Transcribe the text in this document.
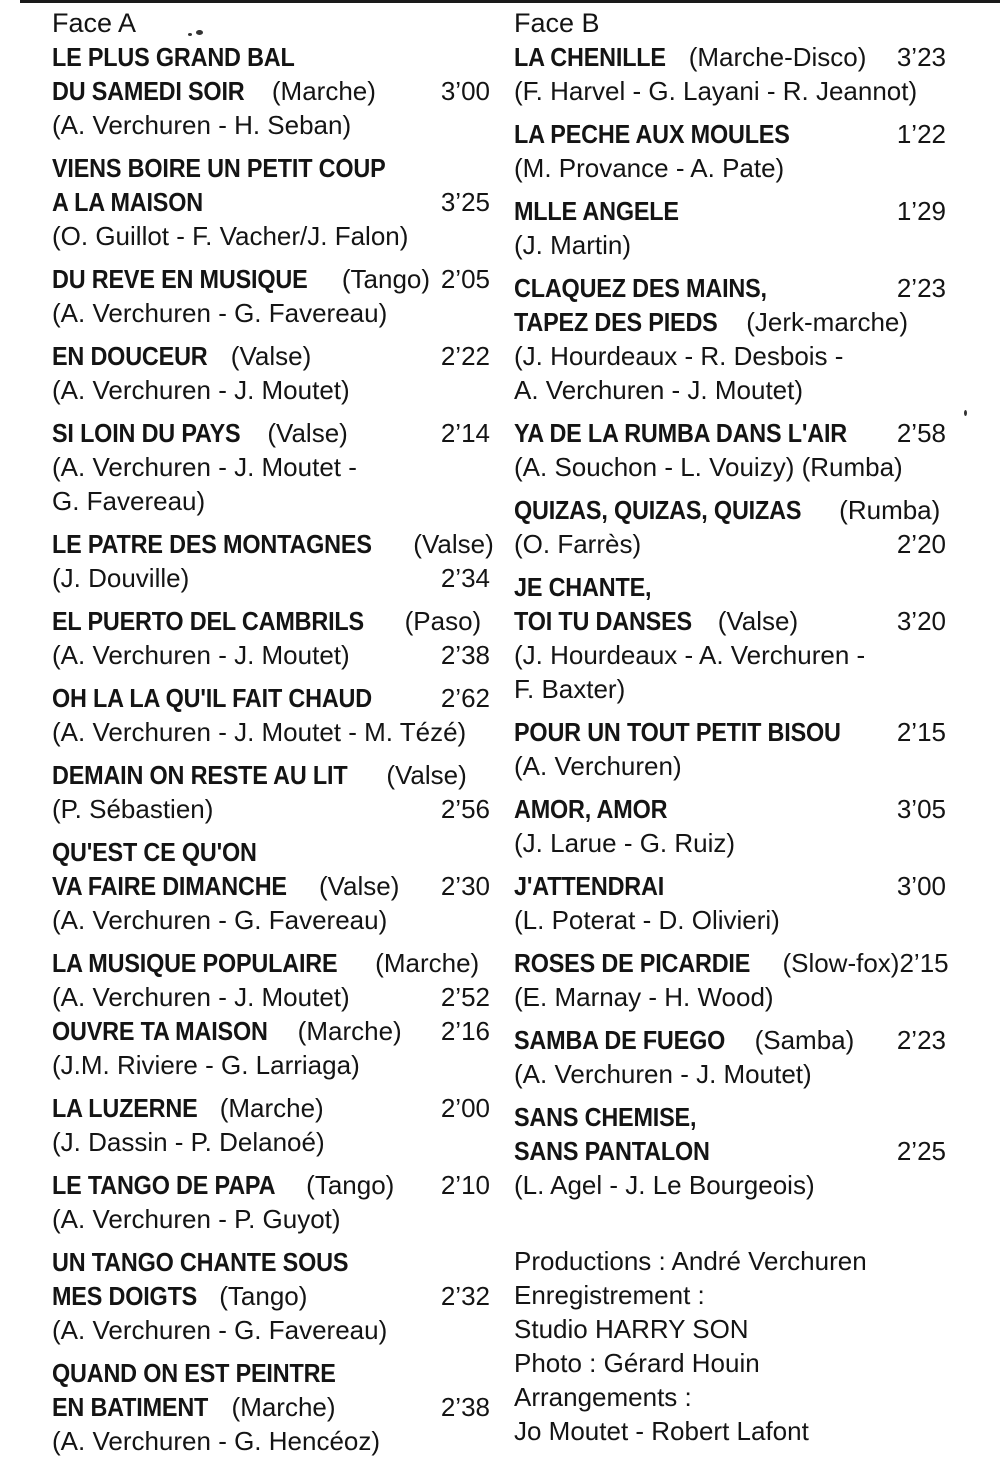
Face A
LE PLUS GRAND BAL
DU SAMEDI SOIR (Marche) 3’00
(A. Verchuren - H. Seban)
VIENS BOIRE UN PETIT COUP
A LA MAISON	3’25
(O. Guillot - F. Vacher/J. Falon)
DU REVE EN MUSIQUE (Tango) 2’05
(A. Verchuren - G. Favereau)
EN DOUCEUR (Valse)	2’22
(A. Verchuren - J. Moutet)
SI LOIN DU PAYS (Valse)	2’14
(A. Verchuren - J. Moutet -
G. Favereau)
LE PATRE DES MONTAGNES (Valse)
(J. Douville)	2’34
EL PUERTO DEL CAMBRILS (Paso)
(A. Verchuren - J. Moutet)	2’38
OH LA LA QU'IL FAIT CHAUD	2’62
(A. Verchuren - J. Moutet - M. Tézé)
DEMAIN ON RESTE AU LIT (Valse)
(P. Sébastien)	2’56
QU'EST CE QU'ON
VA FAIRE DIMANCHE (Valse) 2’30
(A. Verchuren - G. Favereau)
LA MUSIQUE POPULAIRE (Marche)
(A. Verchuren - J. Moutet)	2’52
OUVRE TA MAISON (Marche) 2’16
(J.M. Riviere - G. Larriaga)
LA LUZERNE (Marche)	2’00
(J. Dassin - P. Delanoé)
LE TANGO DE PAPA (Tango) 2’10
(A. Verchuren - P. Guyot)
UN TANGO CHANTE SOUS
MES DOIGTS (Tango)	2’32
(A. Verchuren - G. Favereau)
QUAND ON EST PEINTRE
EN BATIMENT (Marche)	2’38
(A. Verchuren - G. Hencéoz)
Face B
LA CHENILLE (Marche-Disco) 3’23
(F. Harvel - G. Layani - R. Jeannot)
LA PECHE AUX MOULES	1’22
(M. Provance - A. Pate)
MLLE ANGELE	1’29
(J. Martin)
CLAQUEZ DES MAINS,	2’23
TAPEZ DES PIEDS (Jerk-marche)
(J. Hourdeaux - R. Desbois -
A. Verchuren - J. Moutet)
YA DE LA RUMBA DANS L'AIR 2’58
(A. Souchon - L. Vouizy) (Rumba)
QUIZAS, QUIZAS, QUIZAS (Rumba)
(O. Farrès)	2’20
JE CHANTE,
TOI TU DANSES (Valse)	3’20
(J. Hourdeaux - A. Verchuren -
F. Baxter)
POUR UN TOUT PETIT BISOU 2’15
(A. Verchuren)
AMOR, AMOR	3’05
(J. Larue - G. Ruiz)
J'ATTENDRAI	3’00
(L. Poterat - D. Olivieri)
ROSES DE PICARDIE (Slow-fox) 2’15
(E. Marnay - H. Wood)
SAMBA DE FUEGO (Samba) 2’23
(A. Verchuren - J. Moutet)
SANS CHEMISE,
SANS PANTALON	2’25
(L. Agel - J. Le Bourgeois)
Productions : André Verchuren
Enregistrement :
Studio HARRY SON
Photo : Gérard Houin
Arrangements :
Jo Moutet - Robert Lafont
